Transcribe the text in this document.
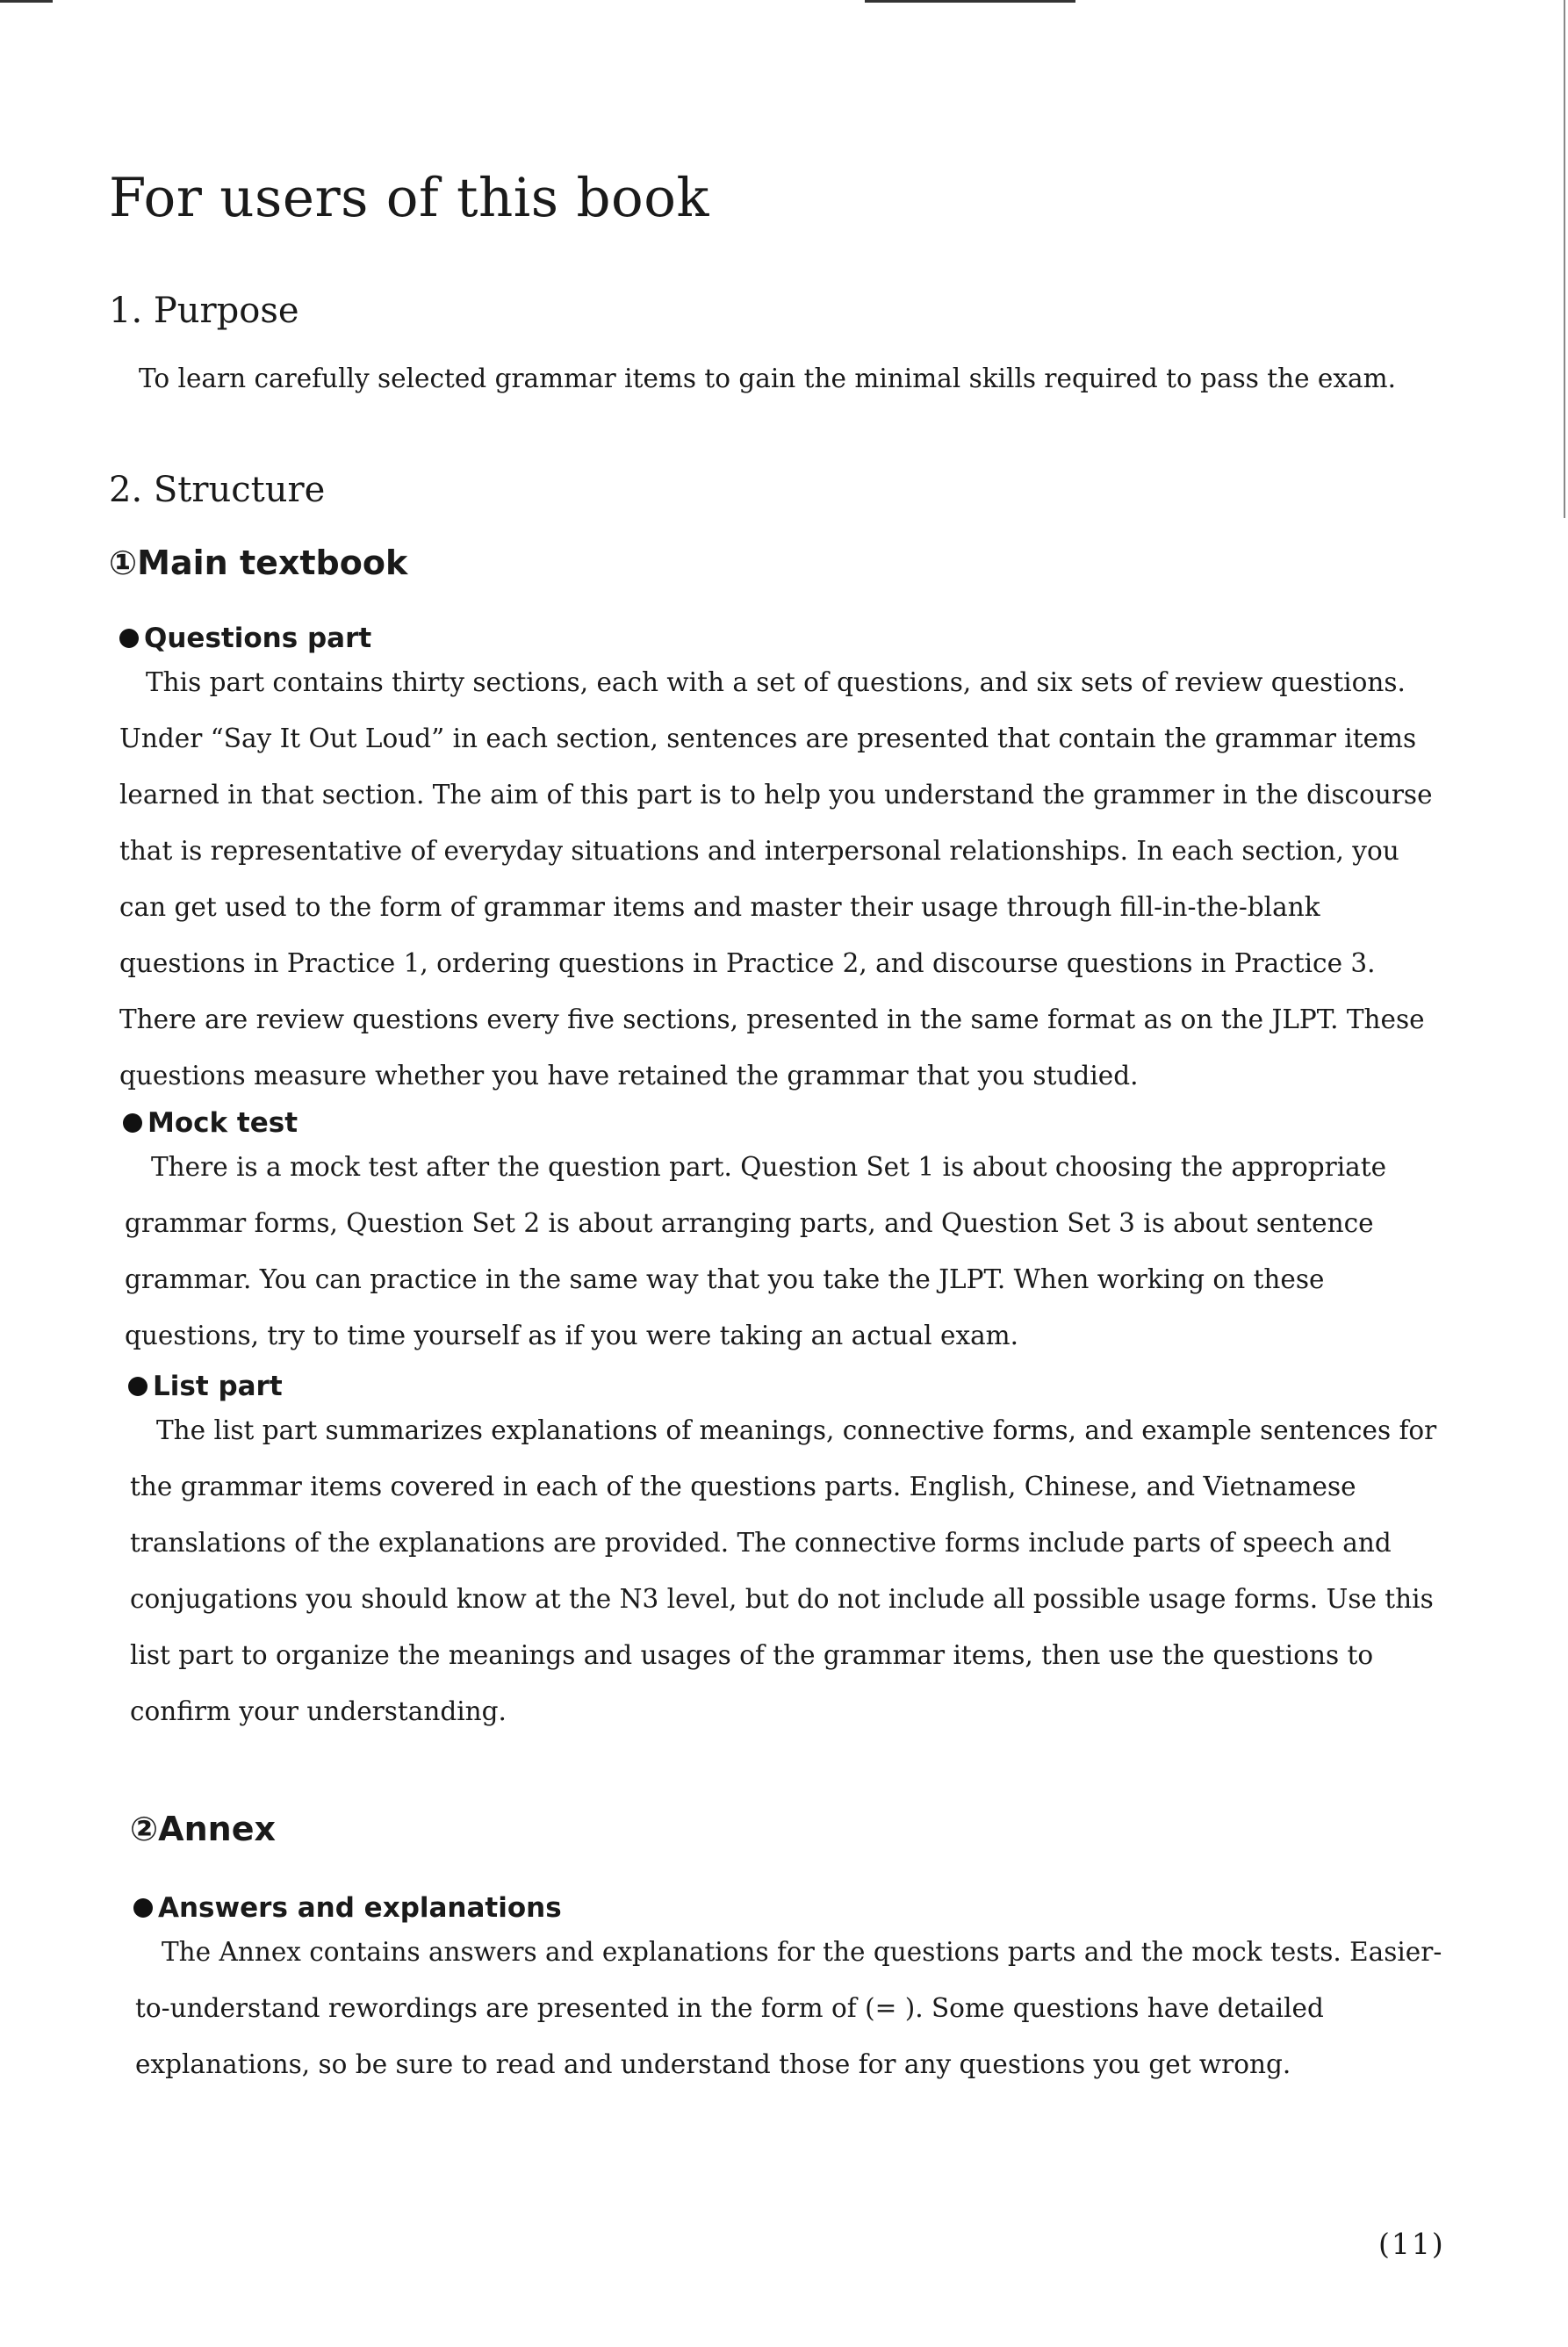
For users of this book
1. Purpose

To learn carefully selected grammar items to gain the minimal skills required to pass the exam.

2. Structure
①Main textbook
Questions part

This part contains thirty sections, each with a set of questions, and six sets of review questions. Under “Say It Out Loud” in each section, sentences are presented that contain the grammar items learned in that section. The aim of this part is to help you understand the grammer in the discourse that is representative of everyday situations and interpersonal relationships. In each section, you can get used to the form of grammar items and master their usage through fill-in-the-blank questions in Practice 1, ordering questions in Practice 2, and discourse questions in Practice 3. There are review questions every five sections, presented in the same format as on the JLPT. These questions measure whether you have retained the grammar that you studied.

Mock test

There is a mock test after the question part. Question Set 1 is about choosing the appropriate grammar forms, Question Set 2 is about arranging parts, and Question Set 3 is about sentence grammar. You can practice in the same way that you take the JLPT. When working on these questions, try to time yourself as if you were taking an actual exam.

List part

The list part summarizes explanations of meanings, connective forms, and example sentences for the grammar items covered in each of the questions parts. English, Chinese, and Vietnamese translations of the explanations are provided. The connective forms include parts of speech and conjugations you should know at the N3 level, but do not include all possible usage forms. Use this list part to organize the meanings and usages of the grammar items, then use the questions to confirm your understanding.

②Annex
Answers and explanations

The Annex contains answers and explanations for the questions parts and the mock tests. Easier-to-understand rewordings are presented in the form of (= ). Some questions have detailed explanations, so be sure to read and understand those for any questions you get wrong.

(11)
